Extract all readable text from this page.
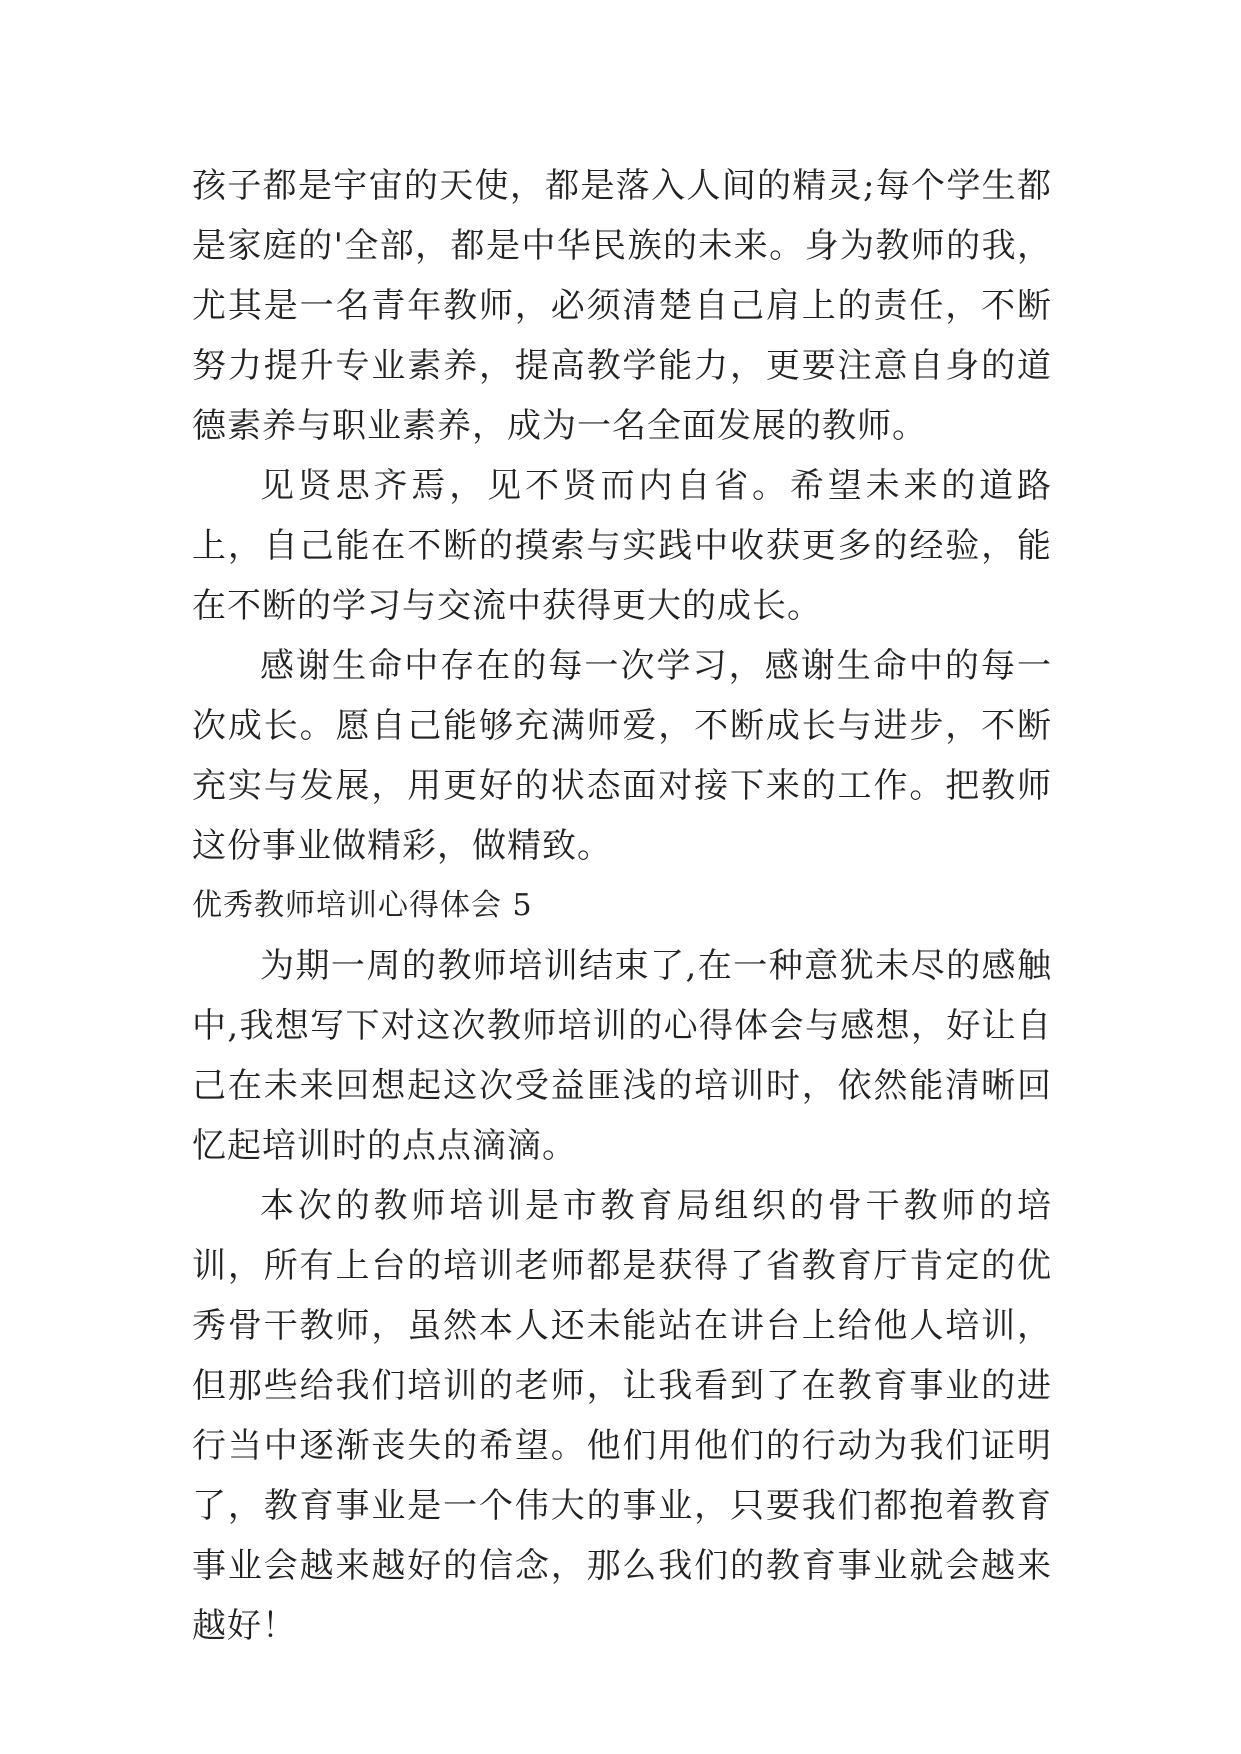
孩子都是宇宙的天使，都是落入人间的精灵;每个学生都是家庭的'全部，都是中华民族的未来。身为教师的我，尤其是一名青年教师，必须清楚自己肩上的责任，不断努力提升专业素养，提高教学能力，更要注意自身的道德素养与职业素养，成为一名全面发展的教师。

见贤思齐焉，见不贤而内自省。希望未来的道路上，自己能在不断的摸索与实践中收获更多的经验，能在不断的学习与交流中获得更大的成长。

感谢生命中存在的每一次学习，感谢生命中的每一次成长。愿自己能够充满师爱，不断成长与进步，不断充实与发展，用更好的状态面对接下来的工作。把教师这份事业做精彩，做精致。

优秀教师培训心得体会 5

为期一周的教师培训结束了,在一种意犹未尽的感触中,我想写下对这次教师培训的心得体会与感想，好让自己在未来回想起这次受益匪浅的培训时，依然能清晰回忆起培训时的点点滴滴。

本次的教师培训是市教育局组织的骨干教师的培训，所有上台的培训老师都是获得了省教育厅肯定的优秀骨干教师，虽然本人还未能站在讲台上给他人培训，但那些给我们培训的老师，让我看到了在教育事业的进行当中逐渐丧失的希望。他们用他们的行动为我们证明了，教育事业是一个伟大的事业，只要我们都抱着教育事业会越来越好的信念，那么我们的教育事业就会越来越好！
